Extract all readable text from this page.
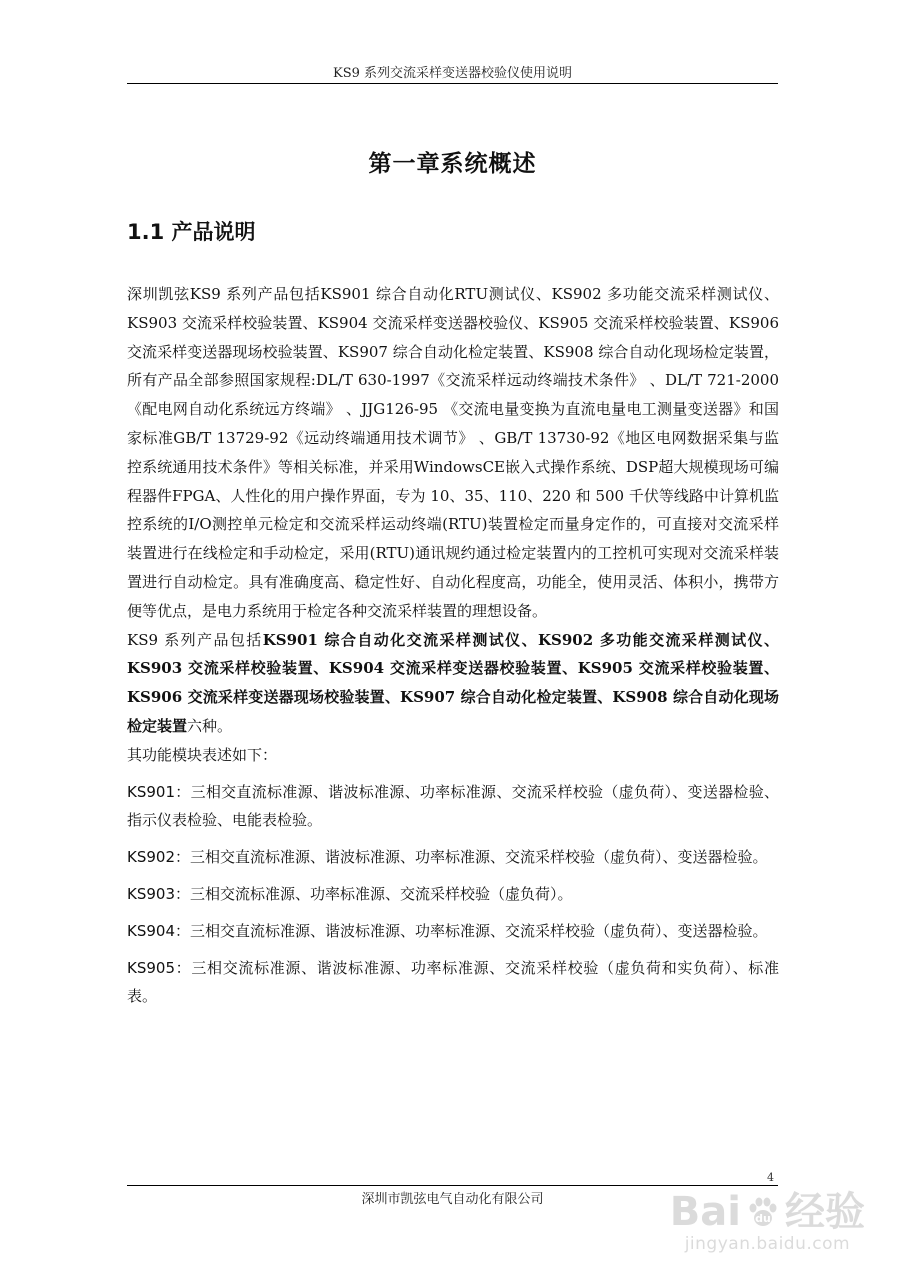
KS9 系列交流采样变送器校验仪使用说明
第一章系统概述
1.1 产品说明

深圳凯弦KS9 系列产品包括KS901 综合自动化RTU测试仪、KS902 多功能交流采样测试仪、KS903 交流采样校验装置、KS904 交流采样变送器校验仪、KS905 交流采样校验装置、KS906 交流采样变送器现场校验装置、KS907 综合自动化检定装置、KS908 综合自动化现场检定装置，所有产品全部参照国家规程:DL/T 630-1997《交流采样远动终端技术条件》 、DL/T 721-2000《配电网自动化系统远方终端》 、JJG126-95 《交流电量变换为直流电量电工测量变送器》和国家标准GB/T 13729-92《远动终端通用技术调节》 、GB/T 13730-92《地区电网数据采集与监控系统通用技术条件》等相关标准，并采用WindowsCE嵌入式操作系统、DSP超大规模现场可编程器件FPGA、人性化的用户操作界面，专为 10、35、110、220 和 500 千伏等线路中计算机监控系统的I/O测控单元检定和交流采样运动终端(RTU)装置检定而量身定作的，可直接对交流采样装置进行在线检定和手动检定，采用(RTU)通讯规约通过检定装置内的工控机可实现对交流采样装置进行自动检定。具有准确度高、稳定性好、自动化程度高，功能全，使用灵活、体积小，携带方便等优点，是电力系统用于检定各种交流采样装置的理想设备。

KS9 系列产品包括KS901 综合自动化交流采样测试仪、KS902 多功能交流采样测试仪、KS903 交流采样校验装置、KS904 交流采样变送器校验装置、KS905 交流采样校验装置、KS906 交流采样变送器现场校验装置、KS907 综合自动化检定装置、KS908 综合自动化现场检定装置六种。

其功能模块表述如下：

KS901：三相交直流标准源、谐波标准源、功率标准源、交流采样校验（虚负荷）、变送器检验、指示仪表检验、电能表检验。

KS902：三相交直流标准源、谐波标准源、功率标准源、交流采样校验（虚负荷）、变送器检验。

KS903：三相交流标准源、功率标准源、交流采样校验（虚负荷）。

KS904：三相交直流标准源、谐波标准源、功率标准源、交流采样校验（虚负荷）、变送器检验。

KS905：三相交流标准源、谐波标准源、功率标准源、交流采样校验（虚负荷和实负荷）、标准表。

4
深圳市凯弦电气自动化有限公司	Bai du 经验
jingyan.baidu.com
